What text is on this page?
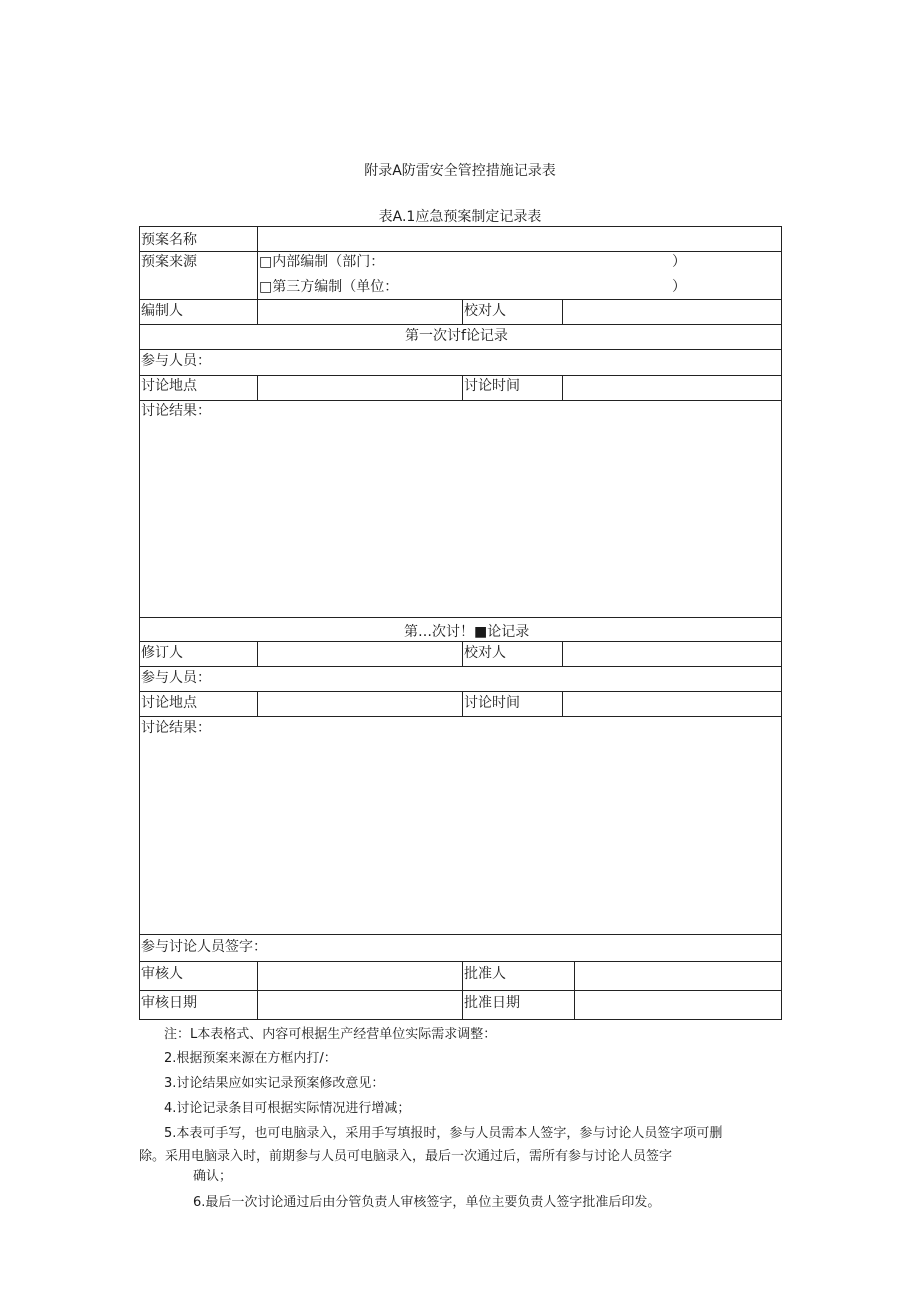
附录A防雷安全管控措施记录表
表A.1应急预案制定记录表
预案名称
预案来源	□内部编制（部门：	）
□第三方编制（单位：	）
编制人	校对人
第一次讨f论记录
参与人员：
讨论地点	讨论时间
讨论结果：
第…次讨！■论记录
修订人	校对人
参与人员：
讨论地点	讨论时间
讨论结果：
参与讨论人员签字：
审核人	批准人
审核日期	批准日期
注：L本表格式、内容可根据生产经营单位实际需求调整：
2.根据预案来源在方框内打/：
3.讨论结果应如实记录预案修改意见：
4.讨论记录条目可根据实际情况进行增减；
5.本表可手写，也可电脑录入，采用手写填报时，参与人员需本人签字，参与讨论人员签字项可删
除。采用电脑录入时，前期参与人员可电脑录入，最后一次通过后，需所有参与讨论人员签字
确认；
6.最后一次讨论通过后由分管负责人审核签字，单位主要负责人签字批准后印发。
